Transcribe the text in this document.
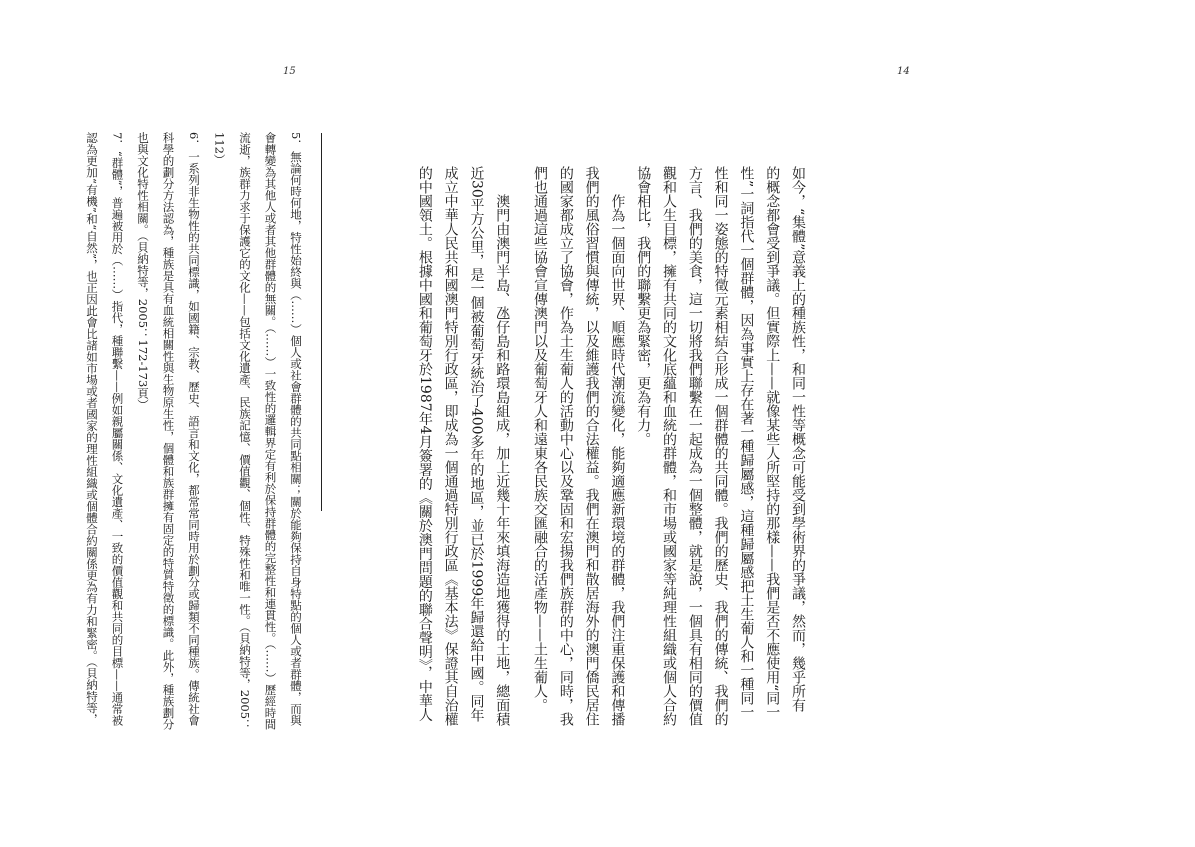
15	14

如今，“集體”意義上的種族性，和同一性等概念可能受到學術界的爭議，然而，幾乎所有的概念都會受到爭議。但實際上——就像某些人所堅持的那樣——我們是否不應使用“同一性”一詞指代一個群體，因為事實上存在著一種歸屬感，這種歸屬感把土生葡人和一種同一性和同一姿態的特徵元素相結合形成一個群體的共同體。我們的歷史、我們的傳統、我們的方言、我們的美食，這一切將我們聯繫在一起成為一個整體，就是說，一個具有相同的價值觀和人生目標，擁有共同的文化底蘊和血統的群體，和市場或國家等純理性組織或個人合約協會相比，我們的聯繫更為緊密，更為有力。

作為一個面向世界、順應時代潮流變化，能夠適應新環境的群體，我們注重保護和傳播我們的風俗習慣與傳統，以及維護我們的合法權益。我們在澳門和散居海外的澳門僑民居住的國家都成立了協會，作為土生葡人的活動中心以及鞏固和宏揚我們族群的中心，同時，我們也通過這些協會宣傳澳門以及葡萄牙人和遠東各民族交匯融合的活產物——土生葡人。

澳門由澳門半島、氹仔島和路環島組成，加上近幾十年來填海造地獲得的土地，總面積近30平方公里，是一個被葡萄牙統治了400多年的地區，並已於1999年歸還給中國。同年成立中華人民共和國澳門特別行政區，即成為一個通過特別行政區《基本法》保證其自治權的中國領土。根據中國和葡萄牙於1987年4月簽署的《關於澳門問題的聯合聲明》，中華人

5．無論何時何地，特性始終與（……）個人或社會群體的共同點相關；關於能夠保持自身特點的個人或者群體，而與會轉變為其他人或者其他群體的無關。（……）一致性的邏輯界定有利於保持群體的完整性和連貫性。（……）歷經時間流逝，族群力求于保護它的文化——包括文化遺產、民族記憶、價值觀、個性、特殊性和唯一性。（貝納特等，2005：112）

6．一系列非生物性的共同標識，如國籍、宗教、歷史、語言和文化，都常常同時用於劃分或歸類不同種族。傳統社會科學的劃分方法認為，種族是具有血統相關性與生物原生性，個體和族群擁有固定的特質特徵的標識。此外，種族劃分也與文化特性相關。（貝納特等，2005：172-173頁）

7．“群體”，普遍被用於（……）指代，種聯繫——例如親屬關係、文化遺產、一致的價值觀和共同的目標——通常被認為更加“有機”和“自然”，也正因此會比諸如市場或者國家的理性組織或個體合約關係更為有力和緊密。（貝納特等，
